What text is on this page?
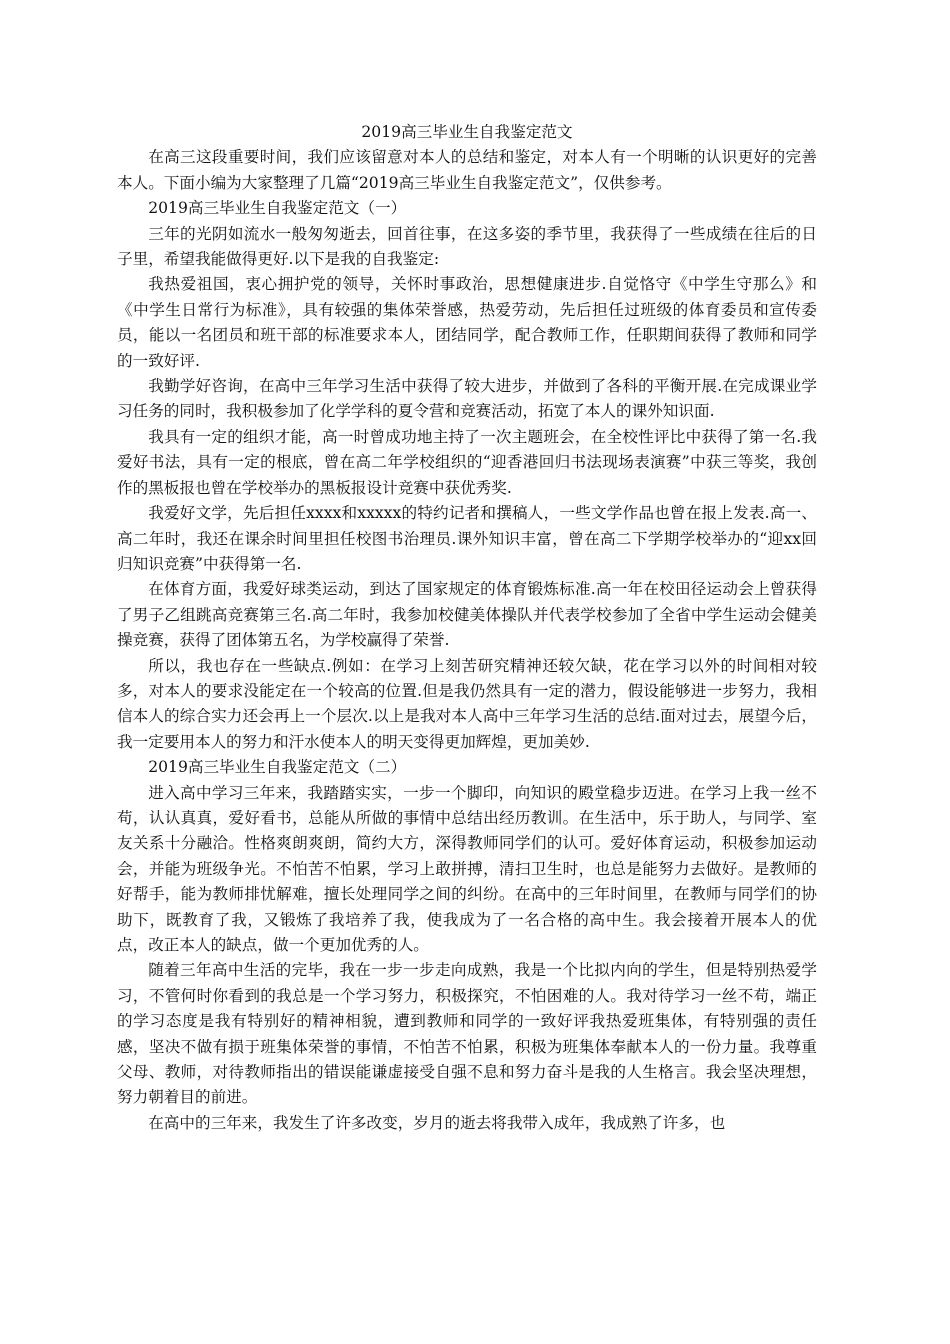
2019高三毕业生自我鉴定范文

在高三这段重要时间，我们应该留意对本人的总结和鉴定，对本人有一个明晰的认识更好的完善本人。下面小编为大家整理了几篇“2019高三毕业生自我鉴定范文”，仅供参考。

2019高三毕业生自我鉴定范文（一）

三年的光阴如流水一般匆匆逝去，回首往事，在这多姿的季节里，我获得了一些成绩在往后的日子里，希望我能做得更好.以下是我的自我鉴定:

我热爱祖国，衷心拥护党的领导，关怀时事政治，思想健康进步.自觉恪守《中学生守那么》和《中学生日常行为标准》，具有较强的集体荣誉感，热爱劳动，先后担任过班级的体育委员和宣传委员，能以一名团员和班干部的标准要求本人，团结同学，配合教师工作，任职期间获得了教师和同学的一致好评.

我勤学好咨询，在高中三年学习生活中获得了较大进步，并做到了各科的平衡开展.在完成课业学习任务的同时，我积极参加了化学学科的夏令营和竞赛活动，拓宽了本人的课外知识面.

我具有一定的组织才能，高一时曾成功地主持了一次主题班会，在全校性评比中获得了第一名.我爱好书法，具有一定的根底，曾在高二年学校组织的“迎香港回归书法现场表演赛”中获三等奖，我创作的黑板报也曾在学校举办的黑板报设计竞赛中获优秀奖.

我爱好文学，先后担任xxxx和xxxxx的特约记者和撰稿人，一些文学作品也曾在报上发表.高一、高二年时，我还在课余时间里担任校图书治理员.课外知识丰富，曾在高二下学期学校举办的“迎xx回归知识竞赛”中获得第一名.

在体育方面，我爱好球类运动，到达了国家规定的体育锻炼标准.高一年在校田径运动会上曾获得了男子乙组跳高竞赛第三名.高二年时，我参加校健美体操队并代表学校参加了全省中学生运动会健美操竞赛，获得了团体第五名，为学校赢得了荣誉.

所以，我也存在一些缺点.例如：在学习上刻苦研究精神还较欠缺，花在学习以外的时间相对较多，对本人的要求没能定在一个较高的位置.但是我仍然具有一定的潜力，假设能够进一步努力，我相信本人的综合实力还会再上一个层次.以上是我对本人高中三年学习生活的总结.面对过去，展望今后，我一定要用本人的努力和汗水使本人的明天变得更加辉煌，更加美妙.

2019高三毕业生自我鉴定范文（二）

进入高中学习三年来，我踏踏实实，一步一个脚印，向知识的殿堂稳步迈进。在学习上我一丝不苟，认认真真，爱好看书，总能从所做的事情中总结出经历教训。在生活中，乐于助人，与同学、室友关系十分融洽。性格爽朗爽朗，简约大方，深得教师同学们的认可。爱好体育运动，积极参加运动会，并能为班级争光。不怕苦不怕累，学习上敢拼搏，清扫卫生时，也总是能努力去做好。是教师的好帮手，能为教师排忧解难，擅长处理同学之间的纠纷。在高中的三年时间里，在教师与同学们的协助下，既教育了我，又锻炼了我培养了我，使我成为了一名合格的高中生。我会接着开展本人的优点，改正本人的缺点，做一个更加优秀的人。

随着三年高中生活的完毕，我在一步一步走向成熟，我是一个比拟内向的学生，但是特别热爱学习，不管何时你看到的我总是一个学习努力，积极探究，不怕困难的人。我对待学习一丝不苟，端正的学习态度是我有特别好的精神相貌，遭到教师和同学的一致好评我热爱班集体，有特别强的责任感，坚决不做有损于班集体荣誉的事情，不怕苦不怕累，积极为班集体奉献本人的一份力量。我尊重父母、教师，对待教师指出的错误能谦虚接受自强不息和努力奋斗是我的人生格言。我会坚决理想，努力朝着目的前进。

在高中的三年来，我发生了许多改变，岁月的逝去将我带入成年，我成熟了许多，也
